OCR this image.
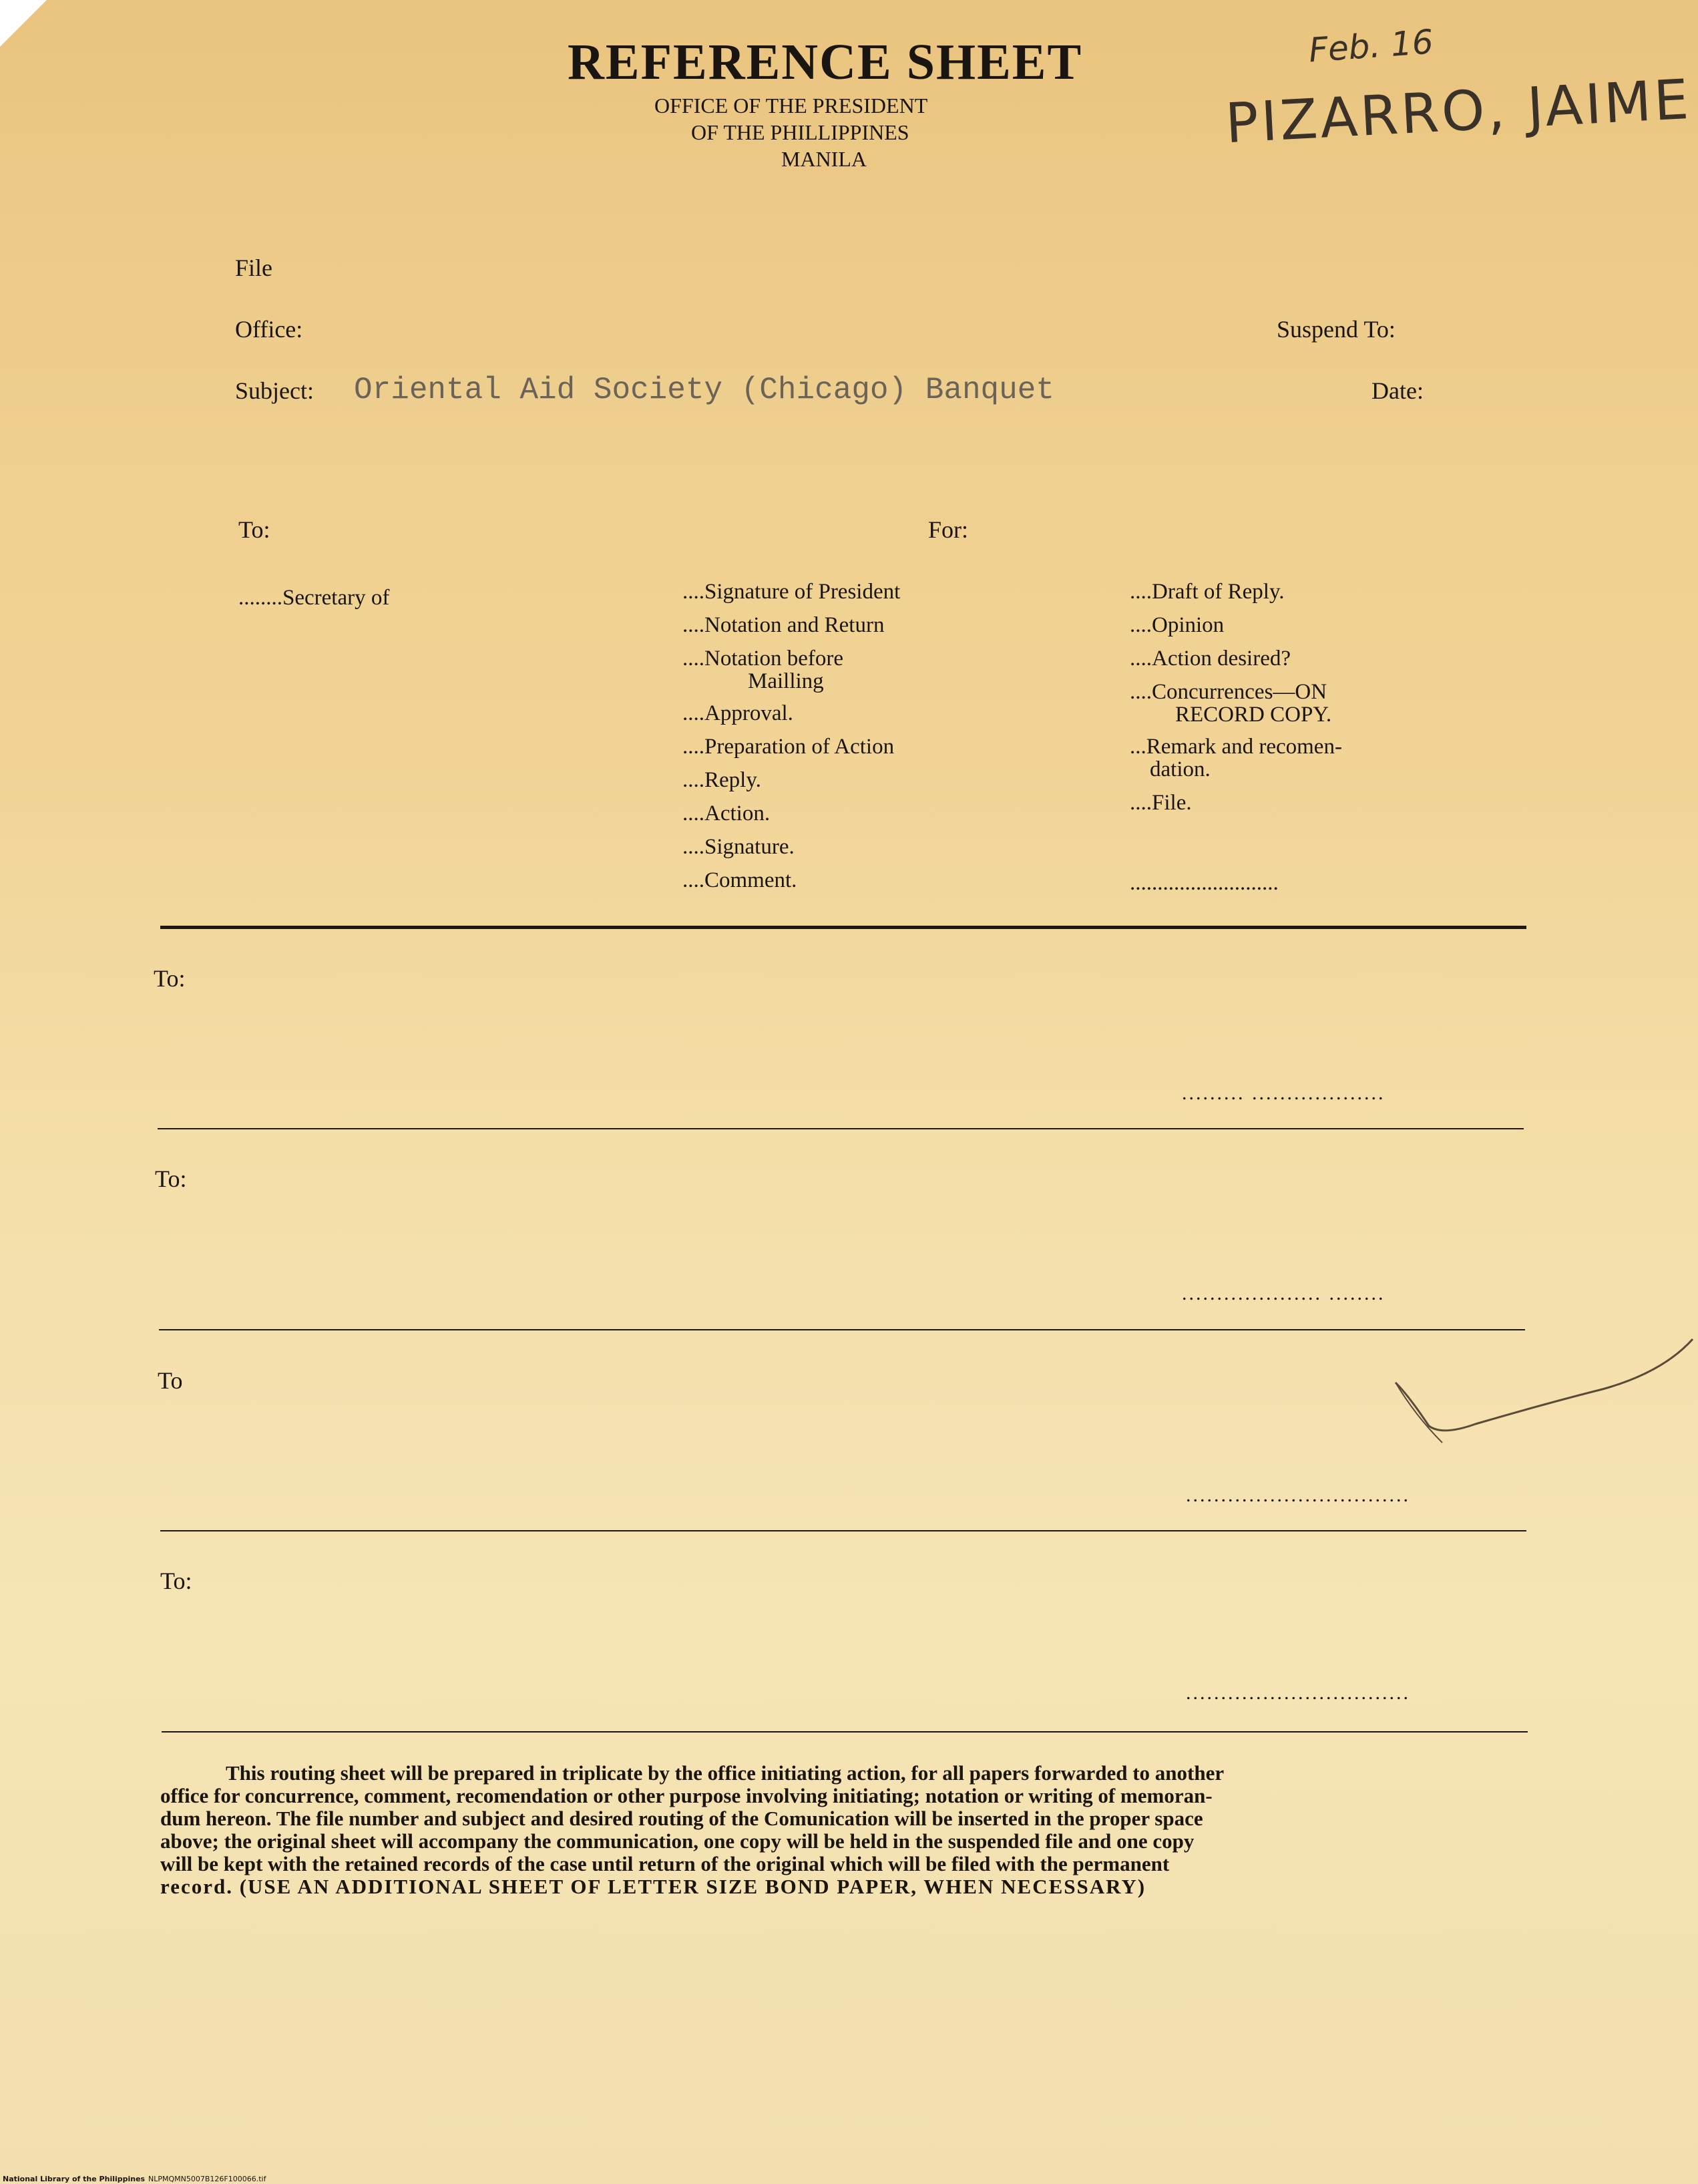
REFERENCE SHEET
OFFICE OF THE PRESIDENT
OF THE PHILLIPPINES
MANILA
Feb. 16
PIZARRO, JAIME
File
Office:
Subject: Oriental Aid Society (Chicago) Banquet
Suspend To:
Date:
To:	For:
........Secretary of	....Signature of President
....Notation and Return
....Notation before
Mailling
....Approval.
....Preparation of Action
....Reply.
....Action.
....Signature.
....Comment.
....Draft of Reply.
....Opinion
....Action desired?
....Concurrences—ON
RECORD COPY.
...Remark and recomen-
dation.
....File.
...........................
To:
......... ...................
To:
.................... ........
To
................................
To:
................................
This routing sheet will be prepared in triplicate by the office initiating action, for all papers forwarded to another
office for concurrence, comment, recomendation or other purpose involving initiating; notation or writing of memoran-
dum hereon. The file number and subject and desired routing of the Comunication will be inserted in the proper space
above; the original sheet will accompany the communication, one copy will be held in the suspended file and one copy
will be kept with the retained records of the case until return of the original which will be filed with the permanent
record. (USE AN ADDITIONAL SHEET OF LETTER SIZE BOND PAPER, WHEN NECESSARY)
National Library of the Philippines NLPMQMN5007B126F100066.tif
